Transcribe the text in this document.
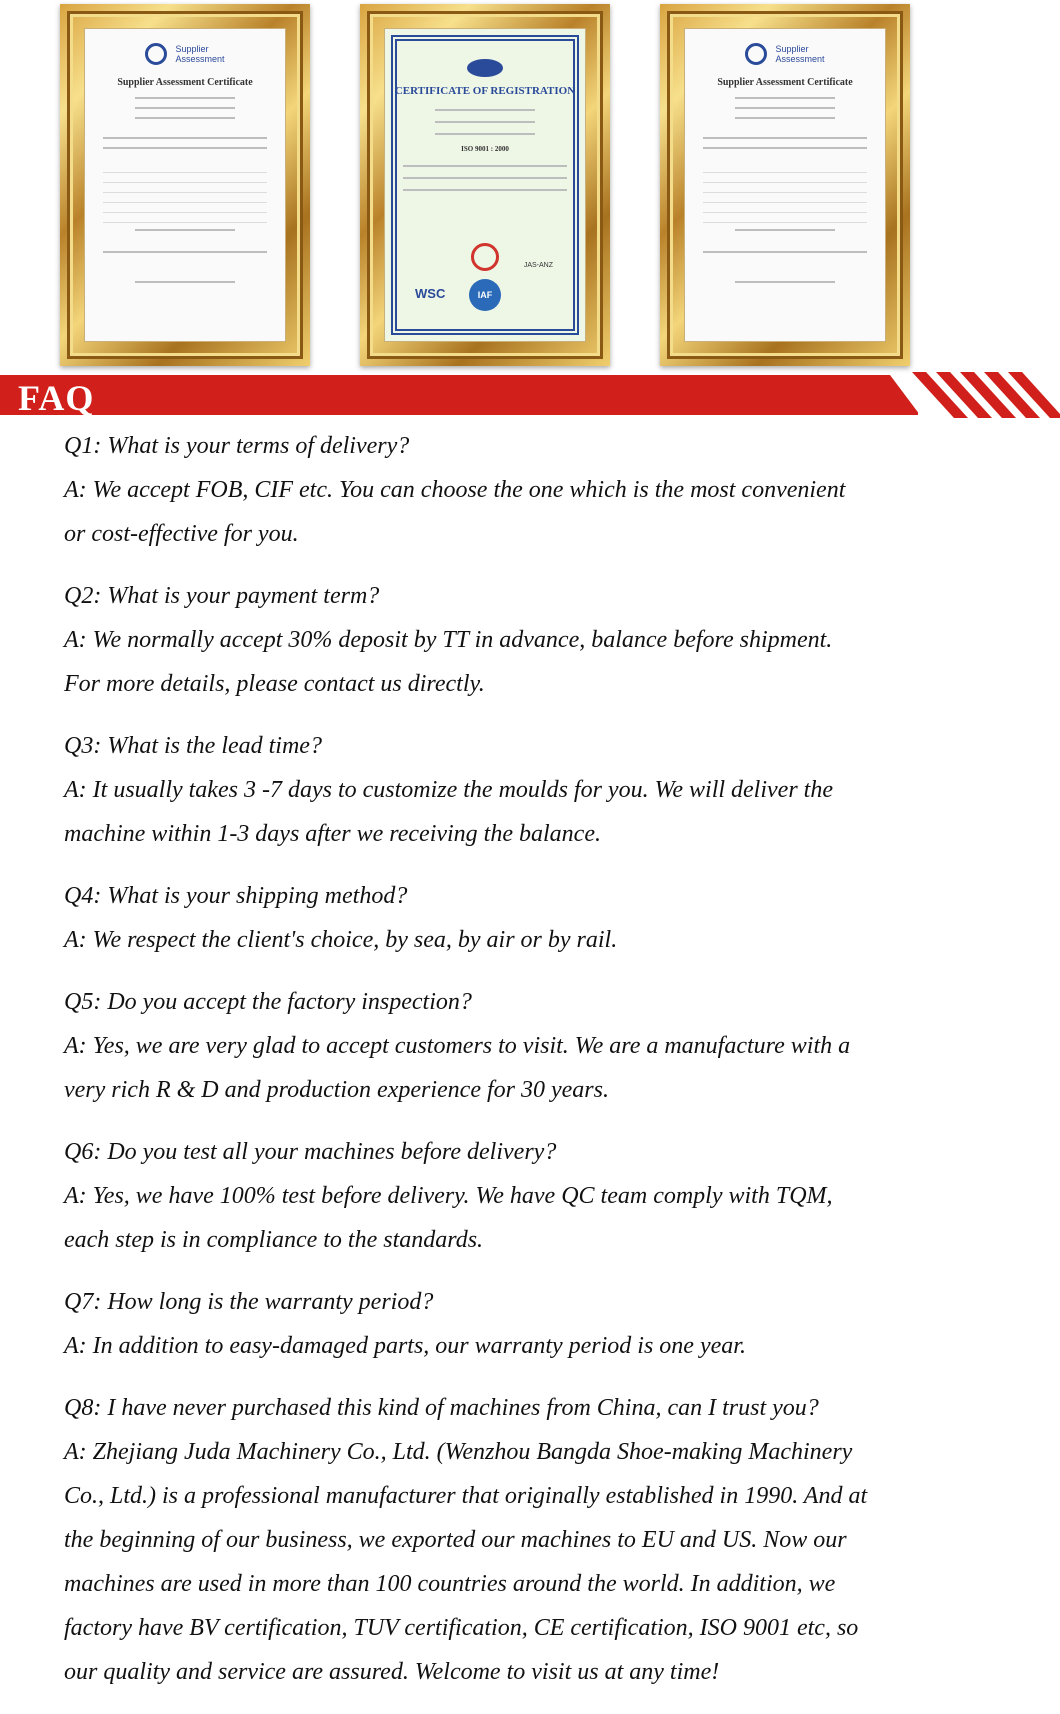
Supplier
Assessment
Supplier Assessment Certificate
CERTIFICATE OF REGISTRATION
ISO 9001 : 2000
JAS-ANZ
IAF
WSC
Supplier
Assessment
Supplier Assessment Certificate
FAQ

Q1: What is your terms of delivery?

A: We accept FOB, CIF etc. You can choose the one which is the most convenient

or cost-effective for you.

Q2: What is your payment term?

A: We normally accept 30% deposit by TT in advance, balance before shipment.

For more details, please contact us directly.

Q3: What is the lead time?

A: It usually takes 3 -7 days to customize the moulds for you. We will deliver the

machine within 1-3 days after we receiving the balance.

Q4: What is your shipping method?

A: We respect the client's choice, by sea, by air or by rail.

Q5: Do you accept the factory inspection?

A: Yes, we are very glad to accept customers to visit. We are a manufacture with a

very rich R & D and production experience for 30 years.

Q6: Do you test all your machines before delivery?

A: Yes, we have 100% test before delivery. We have QC team comply with TQM,

each step is in compliance to the standards.

Q7: How long is the warranty period?

A: In addition to easy-damaged parts, our warranty period is one year.

Q8: I have never purchased this kind of machines from China, can I trust you?

A: Zhejiang Juda Machinery Co., Ltd. (Wenzhou Bangda Shoe-making Machinery

Co., Ltd.) is a professional manufacturer that originally established in 1990. And at

the beginning of our business, we exported our machines to EU and US. Now our

machines are used in more than 100 countries around the world. In addition, we

factory have BV certification, TUV certification, CE certification, ISO 9001 etc, so

our quality and service are assured. Welcome to visit us at any time!
